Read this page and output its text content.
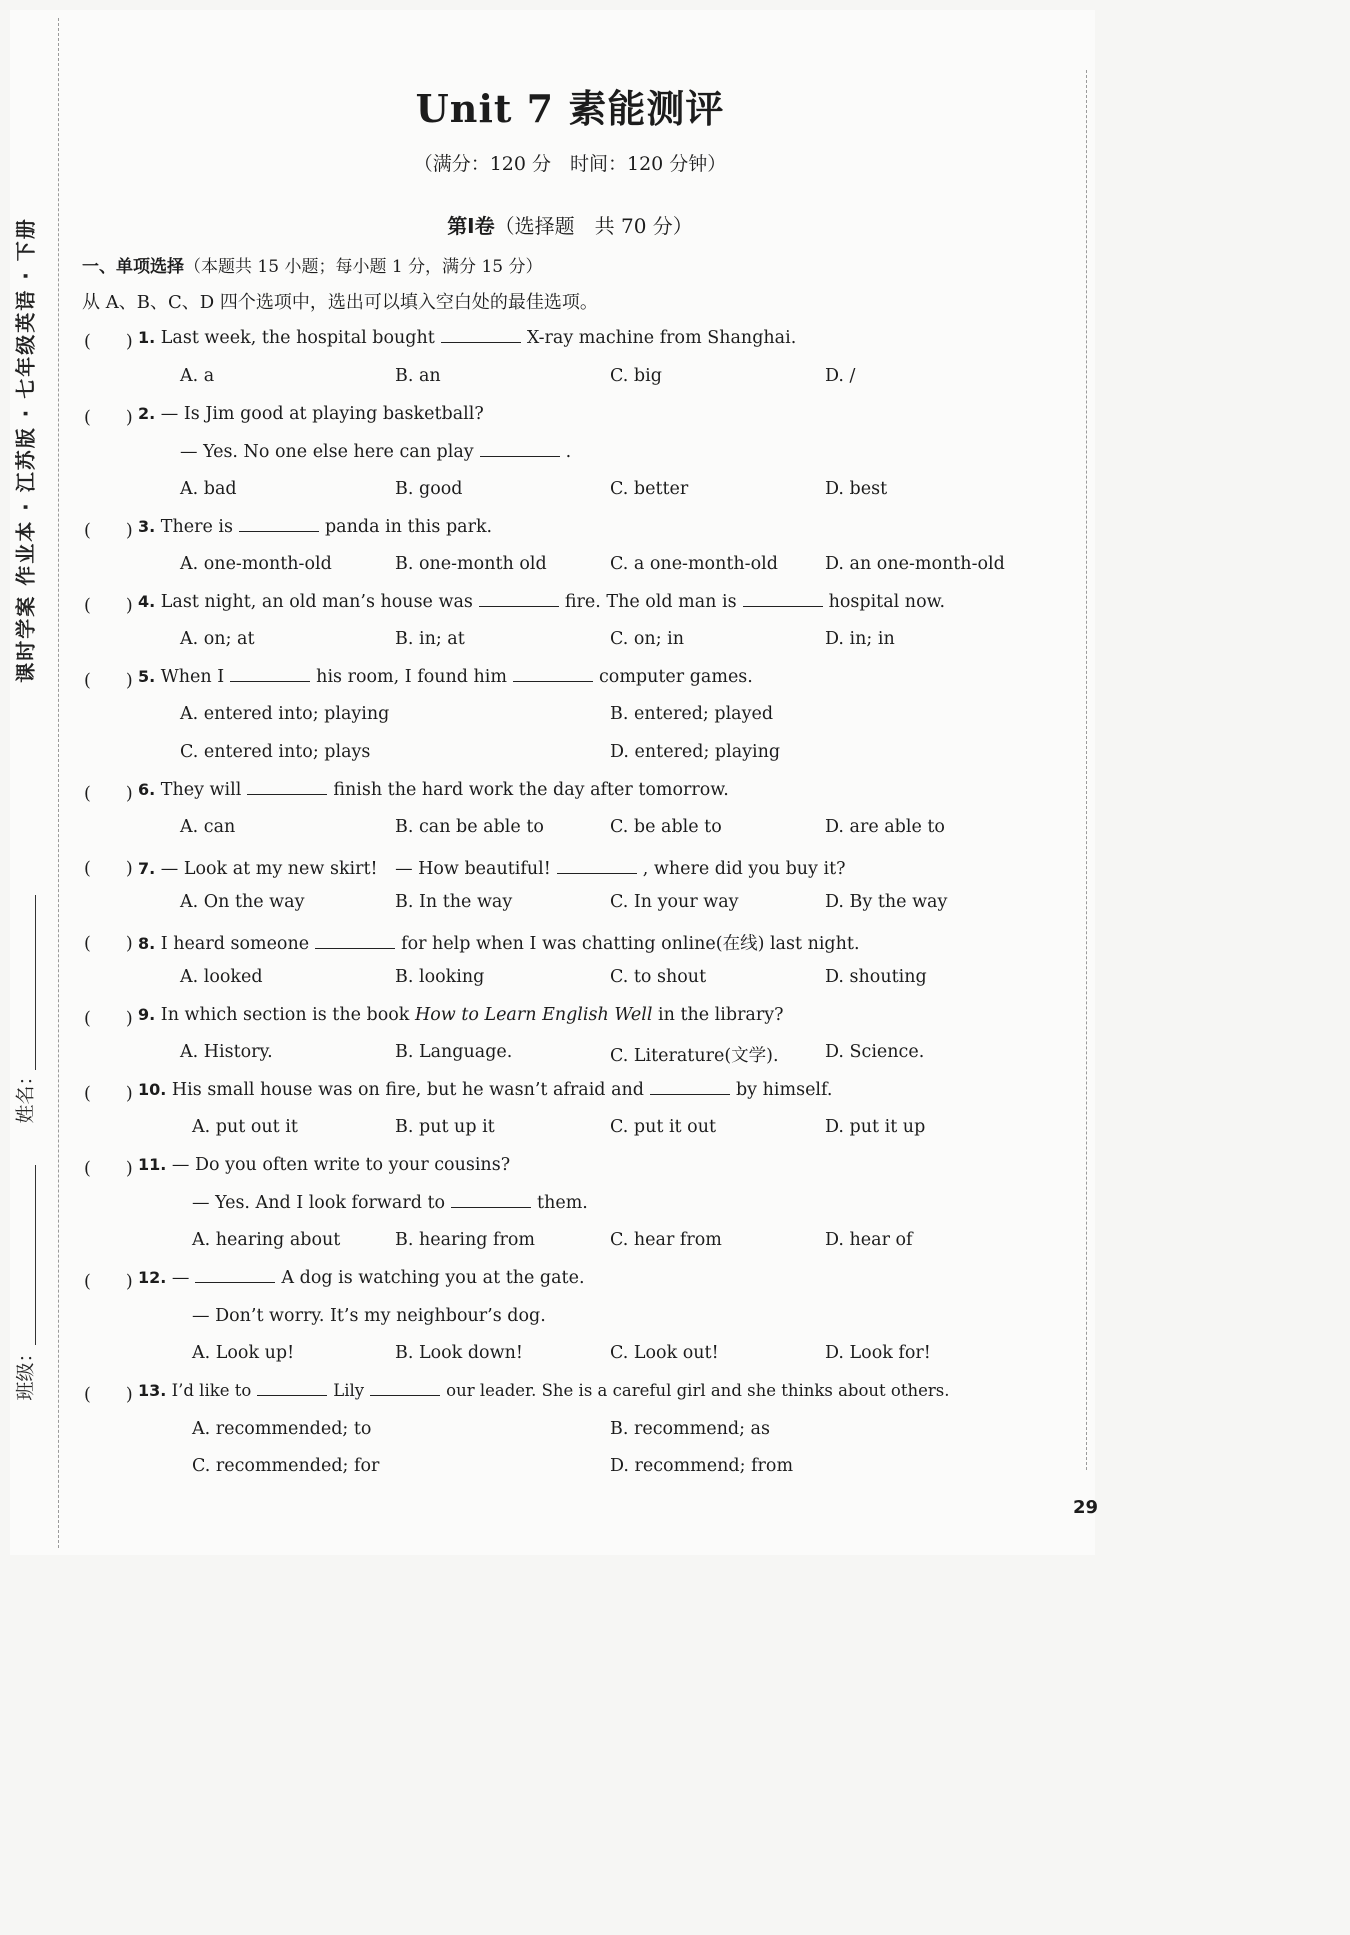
课时学案 作业本 · 江苏版 · 七年级英语 · 下册
姓名：
班级：
Unit 7 素能测评
（满分：120 分　时间：120 分钟）
第Ⅰ卷（选择题　共 70 分）
一、单项选择（本题共 15 小题；每小题 1 分，满分 15 分）
从 A、B、C、D 四个选项中，选出可以填入空白处的最佳选项。
(　　) 1. Last week, the hospital bought	X-ray machine from Shanghai.
A. a	B. an	C. big	D. /
(　　) 2. — Is Jim good at playing basketball?
— Yes. No one else here can play	.
A. bad	B. good	C. better	D. best
(　　) 3. There is	panda in this park.
A. one-month-old	B. one-month old	C. a one-month-old	D. an one-month-old
(　　) 4. Last night, an old man’s house was	fire. The old man is	hospital now.
A. on; at	B. in; at	C. on; in	D. in; in
(　　) 5. When I	his room, I found him	computer games.
A. entered into; playing	B. entered; played
C. entered into; plays	D. entered; playing
(　　) 6. They will	finish the hard work the day after tomorrow.
A. can	B. can be able to	C. be able to	D. are able to
(　　) 7. — Look at my new skirt!　— How beautiful!	, where did you buy it?
A. On the way	B. In the way	C. In your way	D. By the way
(　　) 8. I heard someone	for help when I was chatting online(在线) last night.
A. looked	B. looking	C. to shout	D. shouting
(　　) 9. In which section is the book How to Learn English Well in the library?
A. History.	B. Language.	C. Literature(文学).	D. Science.
(　　) 10. His small house was on fire, but he wasn’t afraid and	by himself.
A. put out it	B. put up it	C. put it out	D. put it up
(　　) 11. — Do you often write to your cousins?
— Yes. And I look forward to	them.
A. hearing about	B. hearing from	C. hear from	D. hear of
(　　) 12. —	A dog is watching you at the gate.
— Don’t worry. It’s my neighbour’s dog.
A. Look up!	B. Look down!	C. Look out!	D. Look for!
(　　) 13. I’d like to	Lily	our leader. She is a careful girl and she thinks about others.
A. recommended; to	B. recommend; as
C. recommended; for	D. recommend; from
29
